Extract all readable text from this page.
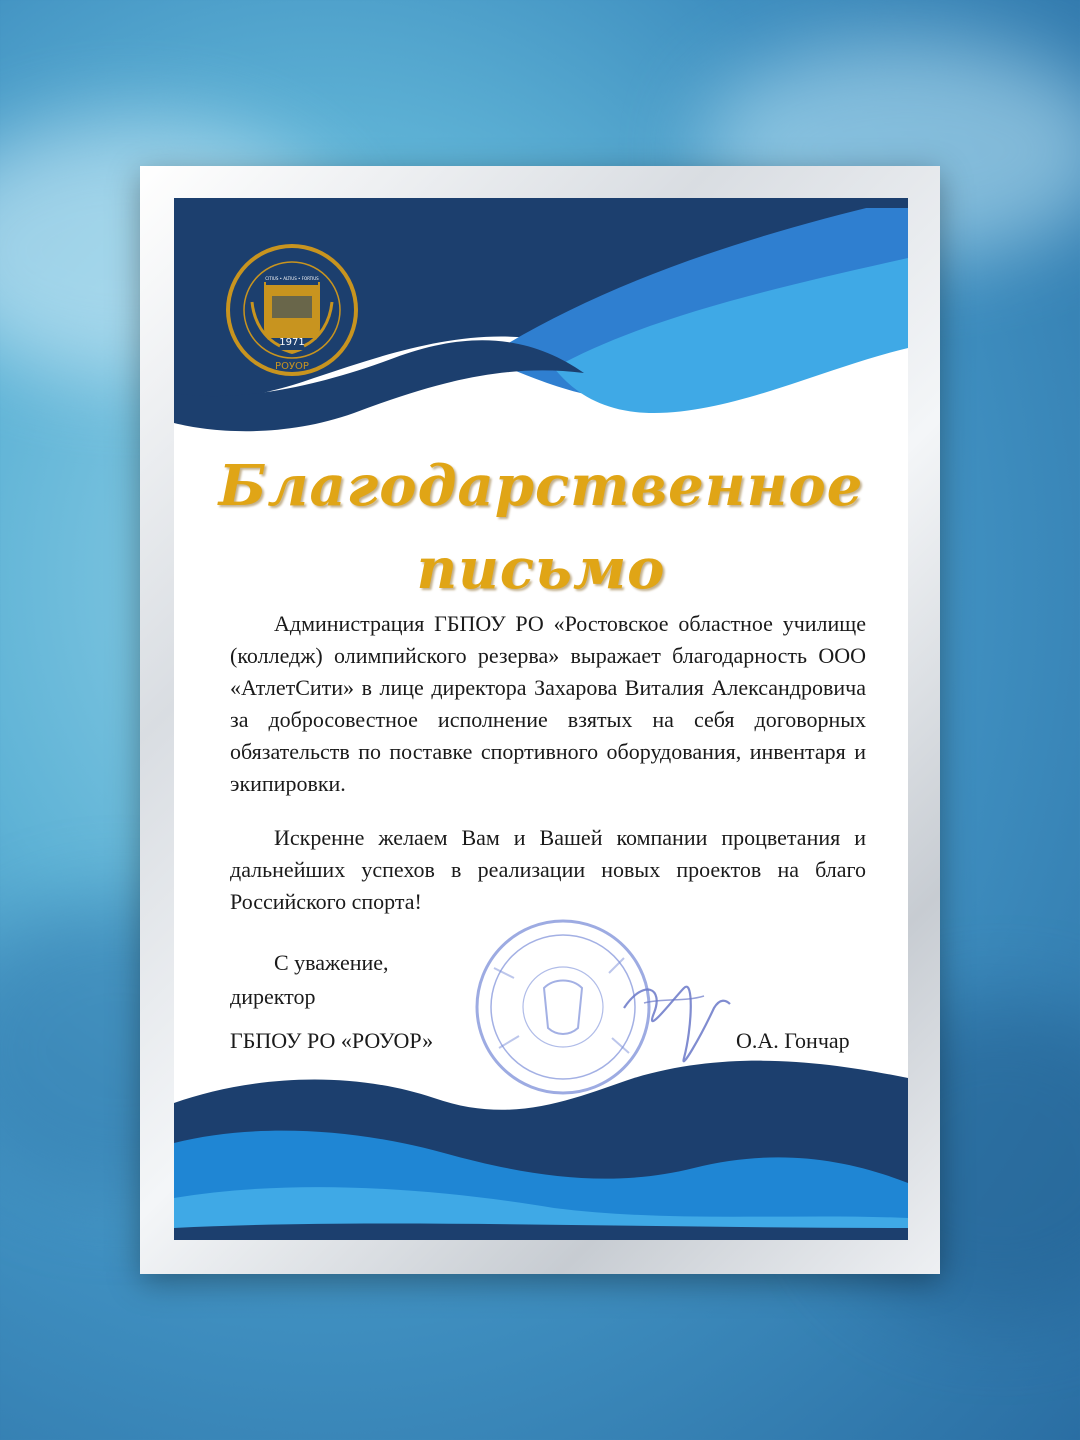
CITIUS • ALTIUS • FORTIUS
1971
РОУОР
Благодарственное
письмо
Администрация ГБПОУ РО «Ростовское областное училище (колледж) олимпийского резерва» выражает благодарность ООО «АтлетСити» в лице директора Захарова Виталия Александровича за добросовестное исполнение взятых на себя договорных обязательств по поставке спортивного оборудования, инвентаря и экипировки.
Искренне желаем Вам и Вашей компании процветания и дальнейших успехов в реализации новых проектов на благо Российского спорта!
С уважение,
директор
ГБПОУ РО «РОУОР»	О.А. Гончар
